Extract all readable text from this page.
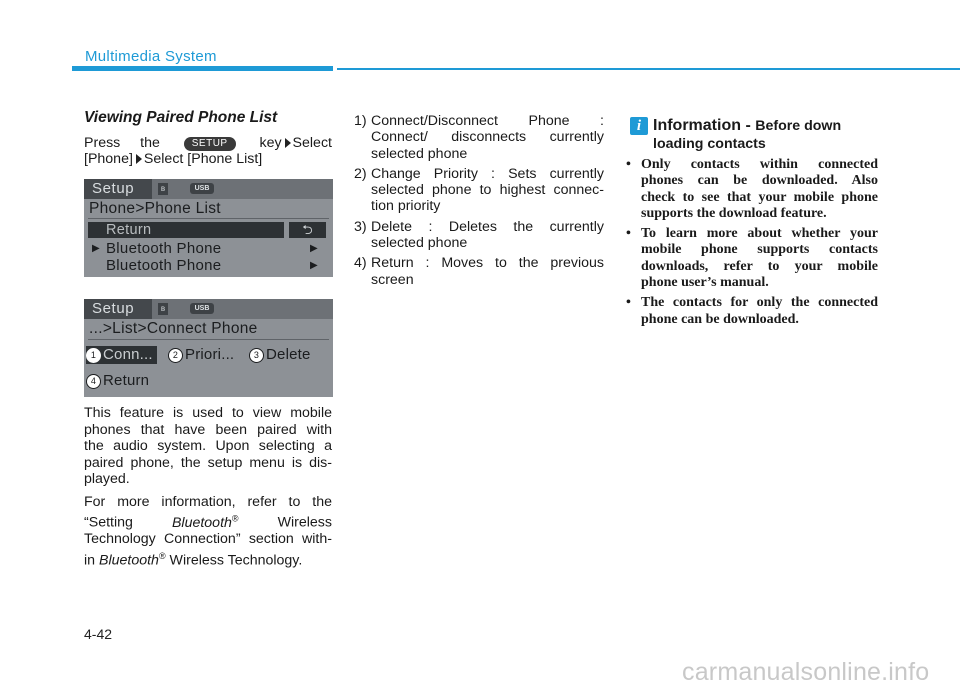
Multimedia System

Viewing Paired Phone List

Press the	SETUP key Select

[Phone] Select [Phone List]

Setup	ʙ	USB
Phone>Phone List
Return	⮌
▶ Bluetooth Phone	▶
Bluetooth Phone	▶
Setup	ʙ	USB
...>List>Connect Phone
1 Conn...	2 Priori...	3 Delete
4 Return

This feature is used to view mobile

phones that have been paired with

the audio system. Upon selecting a

paired phone, the setup menu is dis-

played.

For more information, refer to the

“Setting	Bluetooth®	Wireless

Technology Connection” section with-

in Bluetooth® Wireless Technology.

1) Connect/Disconnect Phone :
Connect/ disconnects currently
selected phone
2) Change Priority : Sets currently
selected phone to highest connec-
tion priority
3) Delete : Deletes the currently
selected phone
4) Return : Moves to the previous
screen
i Information - Before down
loading contacts
• Only contacts within connected
phones can be downloaded. Also
check to see that your mobile phone
supports the download feature.
• To learn more about whether your
mobile phone supports contacts
downloads, refer to your mobile
phone user’s manual.
• The contacts for only the connected
phone can be downloaded.
4-42
carmanualsonline.info
